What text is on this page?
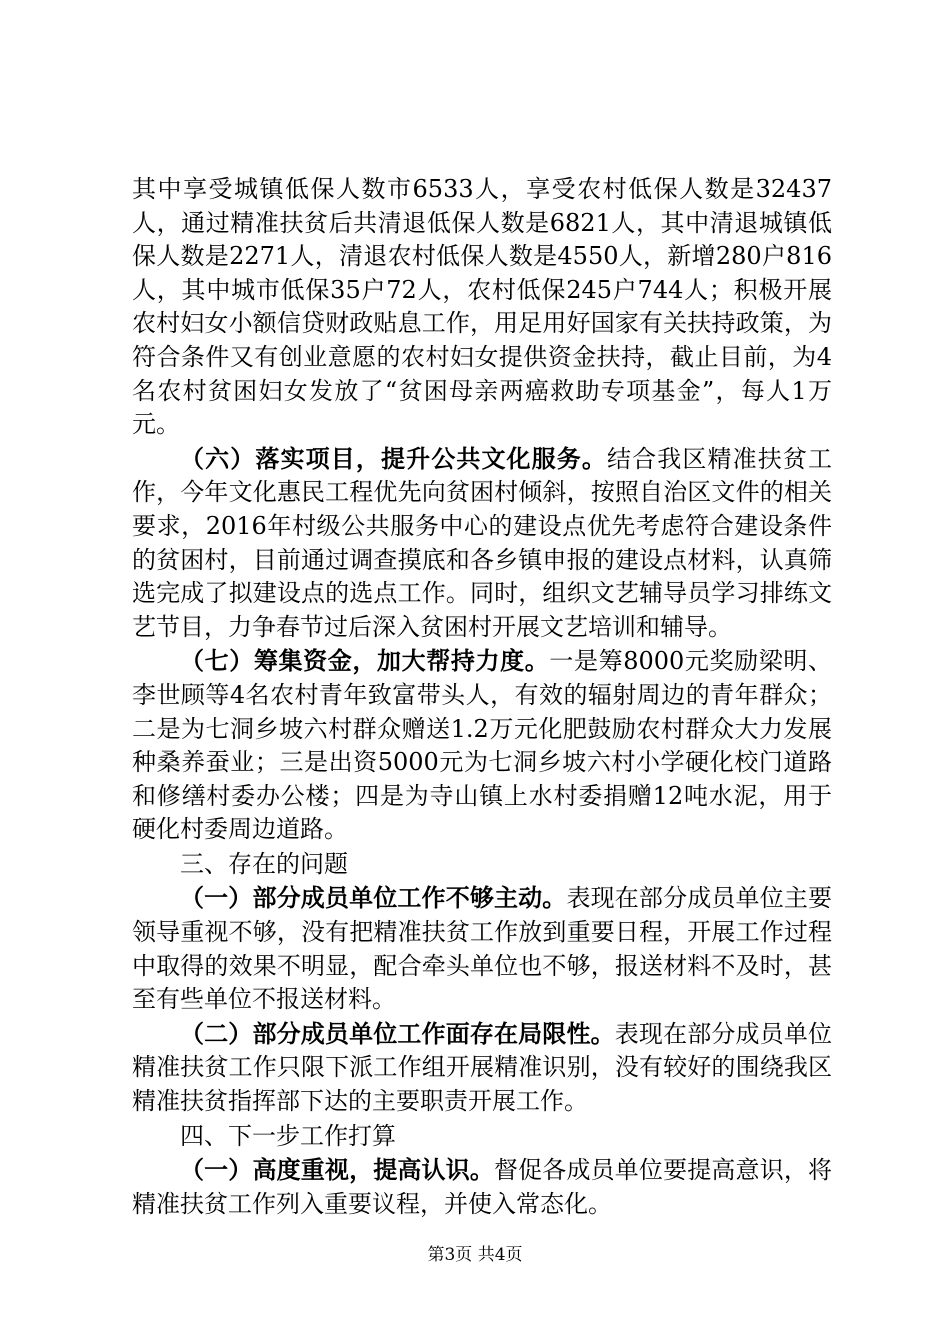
其中享受城镇低保人数市6533人，享受农村低保人数是32437人，通过精准扶贫后共清退低保人数是6821人，其中清退城镇低保人数是2271人，清退农村低保人数是4550人，新增280户816人，其中城市低保35户72人，农村低保245户744人；积极开展农村妇女小额信贷财政贴息工作，用足用好国家有关扶持政策，为符合条件又有创业意愿的农村妇女提供资金扶持，截止目前，为4名农村贫困妇女发放了“贫困母亲两癌救助专项基金”，每人1万元。

（六）落实项目，提升公共文化服务。结合我区精准扶贫工作，今年文化惠民工程优先向贫困村倾斜，按照自治区文件的相关要求，2016年村级公共服务中心的建设点优先考虑符合建设条件的贫困村，目前通过调查摸底和各乡镇申报的建设点材料，认真筛选完成了拟建设点的选点工作。同时，组织文艺辅导员学习排练文艺节目，力争春节过后深入贫困村开展文艺培训和辅导。

（七）筹集资金，加大帮持力度。一是筹8000元奖励梁明、李世顾等4名农村青年致富带头人，有效的辐射周边的青年群众；二是为七洞乡坡六村群众赠送1.2万元化肥鼓励农村群众大力发展种桑养蚕业；三是出资5000元为七洞乡坡六村小学硬化校门道路和修缮村委办公楼；四是为寺山镇上水村委捐赠12吨水泥，用于硬化村委周边道路。

三、存在的问题

（一）部分成员单位工作不够主动。表现在部分成员单位主要领导重视不够，没有把精准扶贫工作放到重要日程，开展工作过程中取得的效果不明显，配合牵头单位也不够，报送材料不及时，甚至有些单位不报送材料。

（二）部分成员单位工作面存在局限性。表现在部分成员单位精准扶贫工作只限下派工作组开展精准识别，没有较好的围绕我区精准扶贫指挥部下达的主要职责开展工作。

四、下一步工作打算

（一）高度重视，提高认识。督促各成员单位要提高意识，将精准扶贫工作列入重要议程，并使入常态化。

第3页 共4页
